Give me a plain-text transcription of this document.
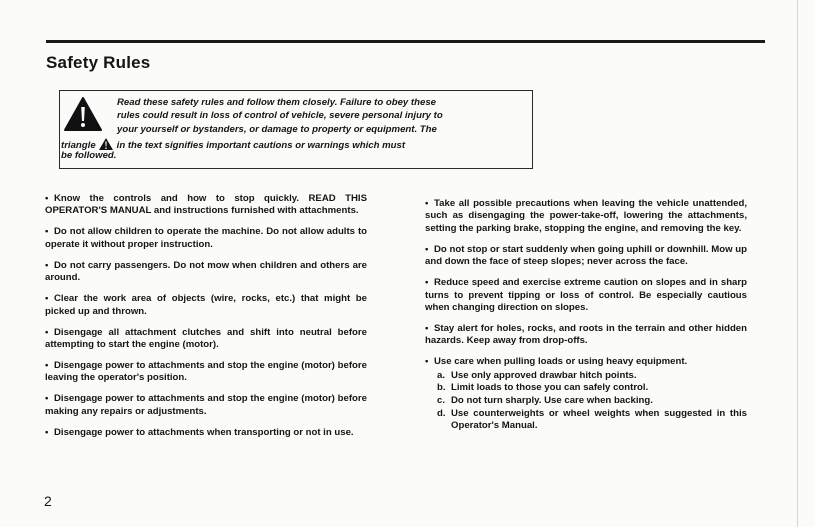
Safety Rules
Read these safety rules and follow them closely. Failure to obey these
rules could result in loss of control of vehicle, severe personal injury to
your yourself or bystanders, or damage to property or equipment. The
triangle in the text signifies important cautions or warnings which must
be followed.

• Know the controls and how to stop quickly. READ THIS OPERATOR'S MANUAL and instructions furnished with attachments.

• Do not allow children to operate the machine. Do not allow adults to operate it without proper instruction.

• Do not carry passengers. Do not mow when children and others are around.

• Clear the work area of objects (wire, rocks, etc.) that might be picked up and thrown.

• Disengage all attachment clutches and shift into neutral before attempting to start the engine (motor).

• Disengage power to attachments and stop the engine (motor) before leaving the operator's position.

• Disengage power to attachments and stop the engine (motor) before making any repairs or adjustments.

• Disengage power to attachments when transporting or not in use.

• Take all possible precautions when leaving the vehicle unattended, such as disengaging the power-take-off, lowering the attachments, setting the parking brake, stopping the engine, and removing the key.

• Do not stop or start suddenly when going uphill or downhill. Mow up and down the face of steep slopes; never across the face.

• Reduce speed and exercise extreme caution on slopes and in sharp turns to prevent tipping or loss of control. Be especially cautious when changing direction on slopes.

• Stay alert for holes, rocks, and roots in the terrain and other hidden hazards. Keep away from drop-offs.

• Use care when pulling loads or using heavy equipment.

a. Use only approved drawbar hitch points.
b. Limit loads to those you can safely control.
c. Do not turn sharply. Use care when backing.
d. Use counterweights or wheel weights when suggested in this Operator's Manual.
2
